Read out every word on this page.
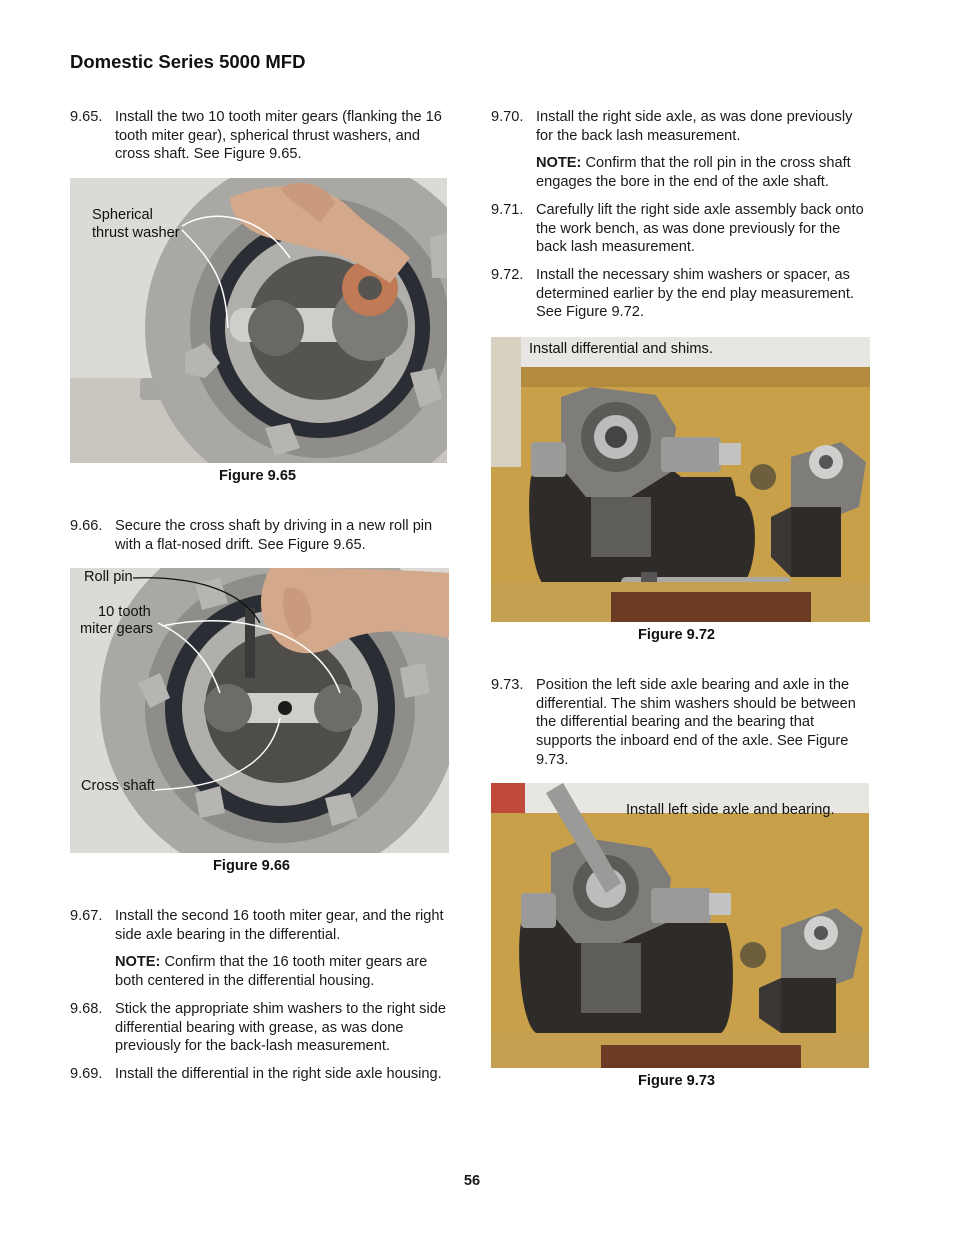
Domestic Series 5000 MFD
9.65. Install the two 10 tooth miter gears (flanking the 16 tooth miter gear), spherical thrust washers, and cross shaft. See Figure 9.65.
Spherical
thrust washer
Figure 9.65
9.66. Secure the cross shaft by driving in a new roll pin with a flat-nosed drift. See Figure 9.65.
Roll pin
10 tooth
miter gears
Cross shaft
Figure 9.66
9.67. Install the second 16 tooth miter gear, and the right side axle bearing in the differential.
NOTE: Confirm that the 16 tooth miter gears are both centered in the differential housing.
9.68. Stick the appropriate shim washers to the right side differential bearing with grease, as was done previously for the back-lash measurement.
9.69. Install the differential in the right side axle housing.
9.70. Install the right side axle, as was done previously for the back lash measurement.
NOTE: Confirm that the roll pin in the cross shaft engages the bore in the end of the axle shaft.
9.71. Carefully lift the right side axle assembly back onto the work bench, as was done previously for the back lash measurement.
9.72. Install the necessary shim washers or spacer, as determined earlier by the end play measurement. See Figure 9.72.
Install differential and shims.
Figure 9.72
9.73. Position the left side axle bearing and axle in the differential. The shim washers should be between the differential bearing and the bearing that supports the inboard end of the axle. See Figure 9.73.
Install left side axle and bearing.
Figure 9.73
56
